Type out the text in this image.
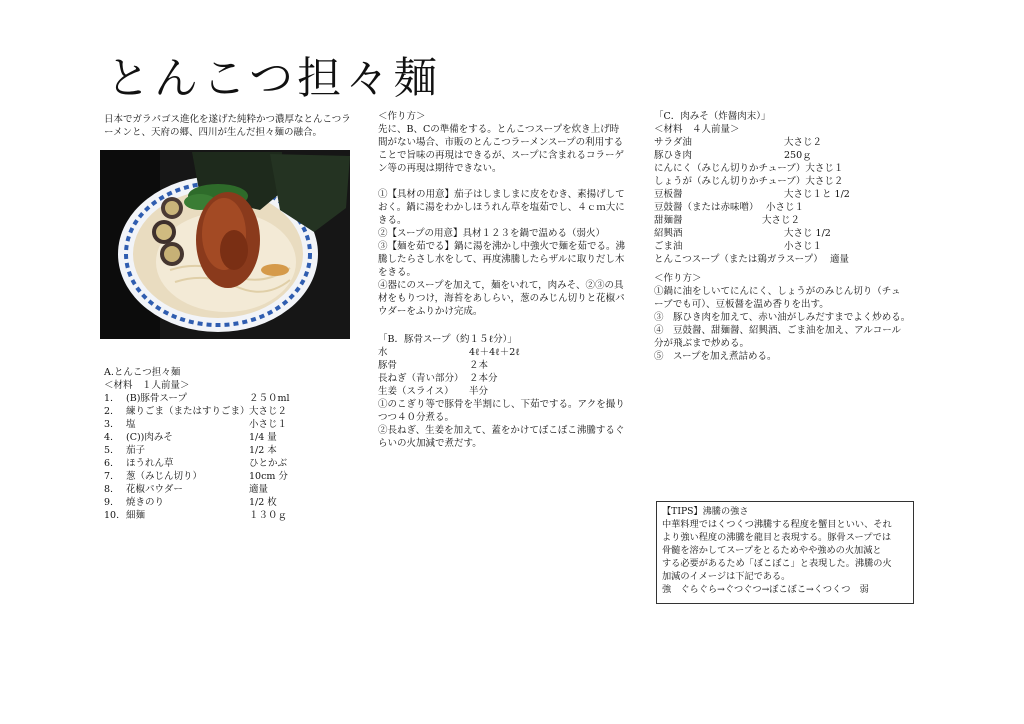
とんこつ担々麺
日本でガラパゴス進化を遂げた純粋かつ濃厚なとんこつラーメンと、天府の郷、四川が生んだ担々麺の融合。
A.とんこつ担々麺
＜材料　１人前量＞
1.	(B)豚骨スープ	２５０ml
2.	練りごま（またはすりごま） 大さじ２
3.	塩	小さじ１
4.	(C))肉みそ	1/4 量
5.	茄子	1/2 本
6.	ほうれん草	ひとかぶ
7.	葱（みじん切り）	10cm 分
8.	花椒パウダー	適量
9.	焼きのり	1/2 枚
10. 細麺	１３０ｇ
＜作り方＞
先に、B、Cの準備をする。とんこつスープを炊き上げ時
間がない場合、市販のとんこつラーメンスープの利用する
ことで旨味の再現はできるが、スープに含まれるコラーゲ
ン等の再現は期待できない。
①【具材の用意】茄子はしましまに皮をむき、素揚げして
おく。鍋に湯をわかしほうれん草を塩茹でし、４ｃｍ大に
きる。
②【スープの用意】具材１２３を鍋で温める（弱火）
③【麺を茹でる】鍋に湯を沸かし中強火で麺を茹でる。沸
騰したらさし水をして、再度沸騰したらザルに取りだし木
をきる。
④器にのスープを加えて，麺をいれて，肉みそ、②③の具
材をもりつけ，海苔をあしらい，葱のみじん切りと花椒パ
ウダーをふりかけ完成。
「B．豚骨スープ（約１５ℓ分）」
水	4ℓ＋4ℓ＋2ℓ
豚骨	２本
長ねぎ（青い部分） ２本分
生姜（スライス）	半分
①のこぎり等で豚骨を半割にし、下茹でする。アクを撮り
つつ４０分煮る。
②長ねぎ、生姜を加えて、蓋をかけてぼこぼこ沸騰するぐ
らいの火加減で煮だす。
「C．肉みそ（炸醤肉末）」
＜材料　４人前量＞
サラダ油	大さじ２
豚ひき肉	250ｇ
にんにく（みじん切りかチューブ） 大さじ１
しょうが（みじん切りかチューブ） 大さじ２
豆板醤	大さじ１と 1/2
豆鼓醤（または赤味噌） 小さじ１
甜麺醤	大さじ２
紹興酒	大さじ 1/2
ごま油	小さじ１
とんこつスープ（または鶏ガラスープ） 適量
＜作り方＞
①鍋に油をしいてにんにく、しょうがのみじん切り（チュ
ーブでも可）、豆板醤を温め香りを出す。
③　豚ひき肉を加えて、赤い油がしみだすまでよく炒める。
④　豆鼓醤、甜麺醤、紹興酒、ごま油を加え、アルコール
分が飛ぶまで炒める。
⑤　スープを加え煮詰める。
【TIPS】沸騰の強さ
中華料理ではくつくつ沸騰する程度を蟹目といい、それ
より強い程度の沸騰を龍目と表現する。豚骨スープでは
骨髄を溶かしてスープをとるためやや強めの火加減と
する必要があるため「ぼこぼこ」と表現した。沸騰の火
加減のイメージは下記である。
強　ぐらぐら→ぐつぐつ→ぼこぼこ→くつくつ　弱
